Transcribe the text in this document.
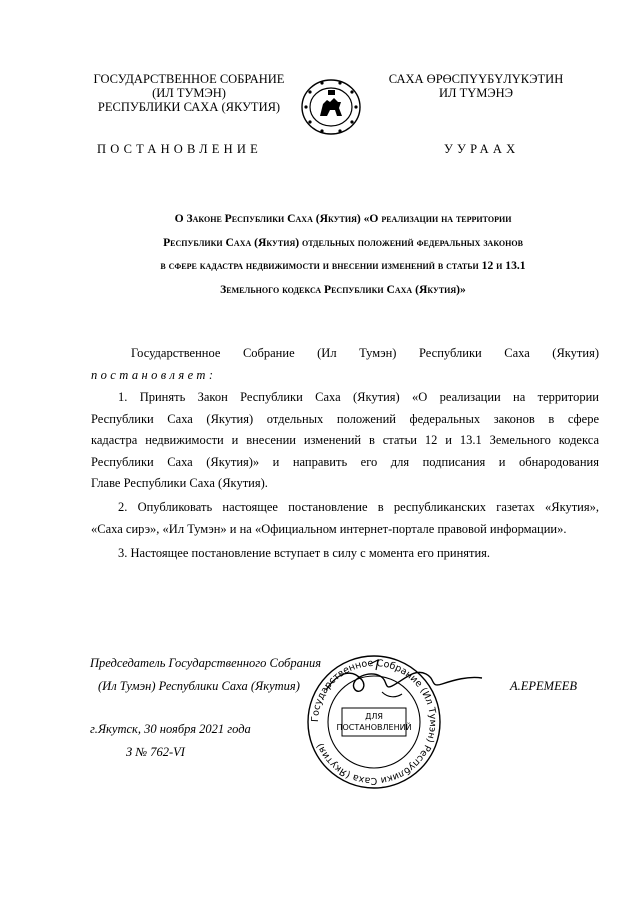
ГОСУДАРСТВЕННОЕ СОБРАНИЕ
(ИЛ ТУМЭН)
РЕСПУБЛИКИ САХА (ЯКУТИЯ)
САХА ӨРӨСПҮҮБҮЛҮКЭТИН
ИЛ ТҮМЭНЭ
ПОСТАНОВЛЕНИЕ	УУРААХ
О Законе Республики Саха (Якутия) «О реализации на территории
Республики Саха (Якутия) отдельных положений федеральных законов
в сфере кадастра недвижимости и внесении изменений в статьи 12 и 13.1
Земельного кодекса Республики Саха (Якутия)»
Государственное Собрание (Ил Тумэн) Республики Саха (Якутия)
постановляет:
1. Принять Закон Республики Саха (Якутия) «О реализации на территории
Республики Саха (Якутия) отдельных положений федеральных законов в сфере
кадастра недвижимости и внесении изменений в статьи 12 и 13.1 Земельного кодекса
Республики Саха (Якутия)» и направить его для подписания и обнародования
Главе Республики Саха (Якутия).
2. Опубликовать настоящее постановление в республиканских газетах «Якутия»,
«Саха сирэ», «Ил Тумэн» и на «Официальном интернет-портале правовой информации».
3. Настоящее постановление вступает в силу с момента его принятия.
Председатель Государственного Собрания
(Ил Тумэн) Республики Саха (Якутия)	А.ЕРЕМЕЕВ
г.Якутск, 30 ноября 2021 года
З № 762-VI
Государственное Собрание (Ил Тумэн) Республики Саха (Якутия)
ДЛЯ
ПОСТАНОВЛЕНИЙ
